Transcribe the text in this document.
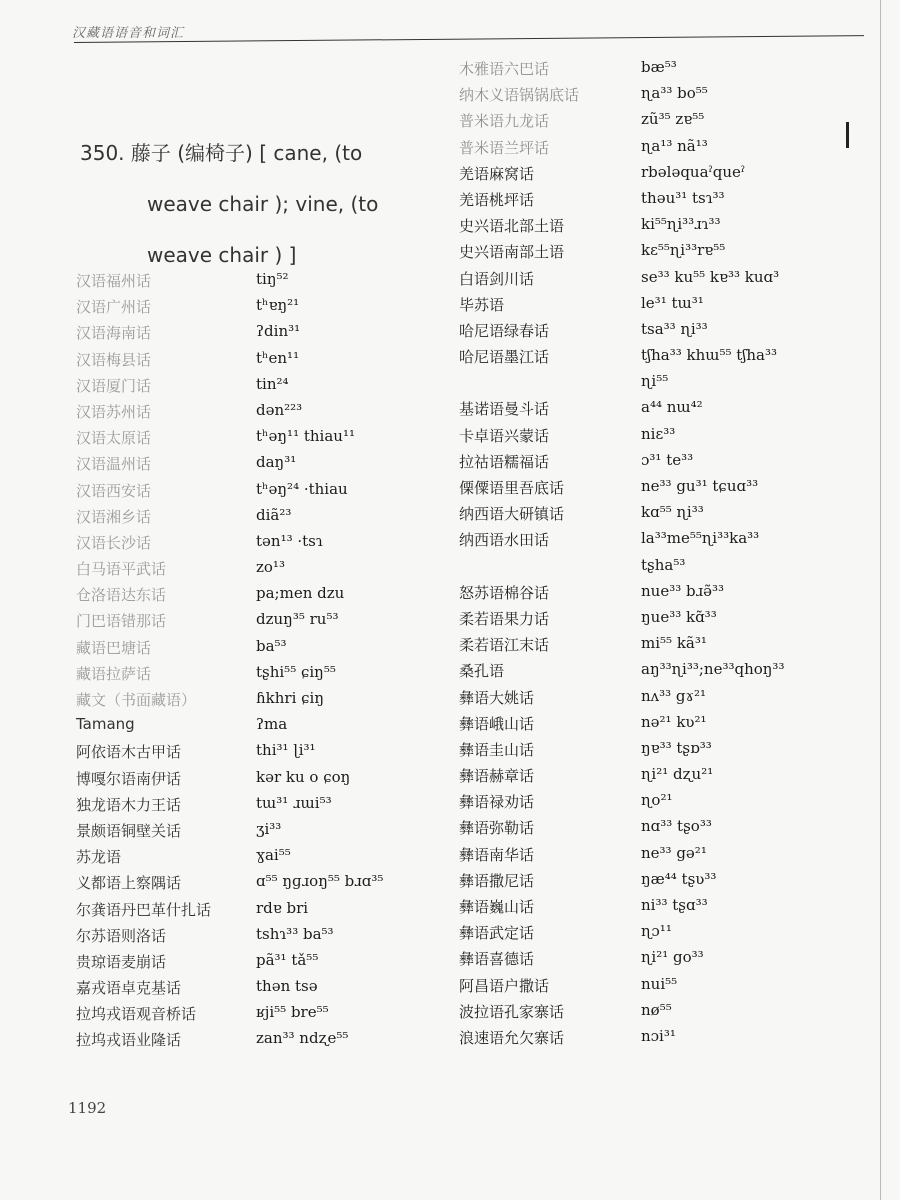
汉藏语语音和词汇
350. 藤子 (编椅子) [ cane, (to
weave chair ); vine, (to
weave chair ) ]
汉语福州话	tiŋ⁵²
汉语广州话	tʰɐŋ²¹
汉语海南话	ʔdin³¹
汉语梅县话	tʰen¹¹
汉语厦门话	tin²⁴
汉语苏州话	dən²²³
汉语太原话	tʰəŋ¹¹ thiau¹¹
汉语温州话	daŋ³¹
汉语西安话	tʰəŋ²⁴ ·thiau
汉语湘乡话	diã²³
汉语长沙话	tən¹³ ·tsɿ
白马语平武话	zo¹³
仓洛语达东话	pa;men dzu
门巴语错那话	dzuŋ³⁵ ru⁵³
藏语巴塘话	ba⁵³
藏语拉萨话	tʂhi⁵⁵ ɕiŋ⁵⁵
藏文（书面藏语）	ɦkhri ɕiŋ
Tamang	ʔma
阿依语木古甲话	thi³¹ ɭi³¹
博嘎尔语南伊话	kər ku o ɕoŋ
独龙语木力王话	tɯ³¹ ɹɯi⁵³
景颇语铜壁关话	ʒi³³
苏龙语	ɣai⁵⁵
义都语上察隅话	ɑ⁵⁵ ŋɡɹoŋ⁵⁵ bɹɑ³⁵
尔龚语丹巴革什扎话	rdɐ bri
尔苏语则洛话	tshɿ³³ ba⁵³
贵琼语麦崩话	pã³¹ tǎ⁵⁵
嘉戎语卓克基话	thən tsə
拉坞戎语观音桥话	ʁji⁵⁵ bre⁵⁵
拉坞戎语业隆话	zan³³ ndʐe⁵⁵
木雅语六巴话	bæ⁵³
纳木义语锅锅底话	ɳa³³ bo⁵⁵
普米语九龙话	zũ³⁵ zɐ⁵⁵
普米语兰坪话	ɳa¹³ nã¹³
羌语麻窝话	rbələquaˀqueˀ
羌语桃坪话	thəu³¹ tsɿ³³
史兴语北部土语	ki⁵⁵ɳi³³ɹɿ³³
史兴语南部土语	kɛ⁵⁵ɳi³³rɐ⁵⁵
白语剑川话	se³³ ku⁵⁵ kɐ³³ kuɑ³
毕苏语	le³¹ tɯ³¹
哈尼语绿春话	tsa³³ ɳi³³
哈尼语墨江话	tʃha³³ khɯ⁵⁵ tʃha³³
ɳi⁵⁵
基诺语曼斗话	a⁴⁴ nɯ⁴²
卡卓语兴蒙话	niɛ³³
拉祜语糯福话	ɔ³¹ te³³
傈僳语里吾底话	ne³³ gu³¹ tɕuɑ³³
纳西语大研镇话	kɑ⁵⁵ ɳi³³
纳西语水田话	la³³me⁵⁵ɳi³³ka³³
tʂha⁵³
怒苏语棉谷话	nue³³ bɹə̃³³
柔若语果力话	ŋue³³ kɑ̃³³
柔若语江末话	mi⁵⁵ kã³¹
桑孔语	aŋ³³ɳi³³;ne³³qhoŋ³³
彝语大姚话	nʌ³³ gɤ²¹
彝语峨山话	nə²¹ kʋ²¹
彝语圭山话	ŋɐ³³ tʂɒ³³
彝语赫章话	ɳi²¹ dʐu²¹
彝语禄劝话	ɳo²¹
彝语弥勒话	nɑ³³ tʂo³³
彝语南华话	ne³³ gə²¹
彝语撒尼话	ŋæ⁴⁴ tʂʋ³³
彝语巍山话	ni³³ tʂɑ³³
彝语武定话	ɳɔ¹¹
彝语喜德话	ɳi²¹ go³³
阿昌语户撒话	nui⁵⁵
波拉语孔家寨话	nø⁵⁵
浪速语允欠寨话	nɔi³¹
1192
